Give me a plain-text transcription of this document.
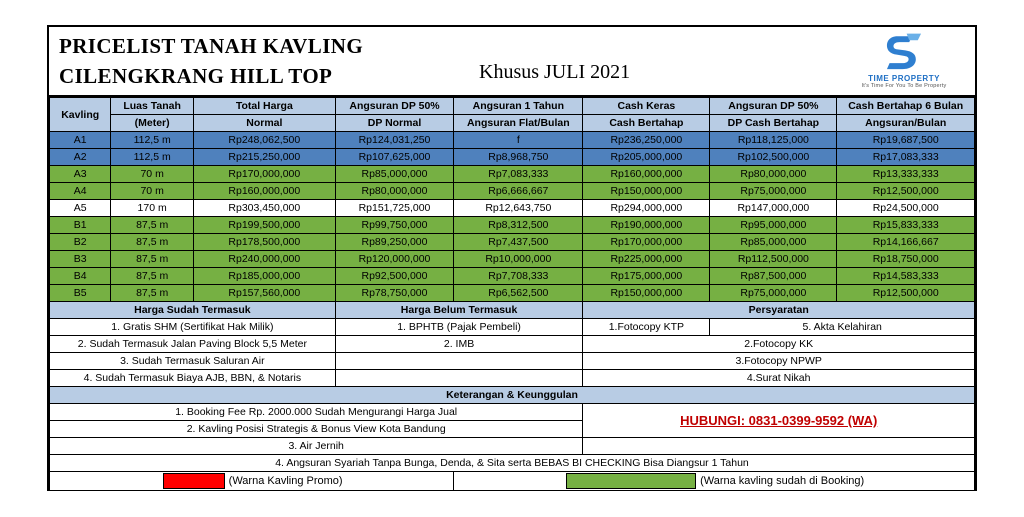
PRICELIST TANAH KAVLING
CILENGKRANG HILL TOP	Khusus JULI 2021	TIME PROPERTY
It's Time For You To Be Property
Kavling	Luas Tanah	Total Harga	Angsuran DP 50%	Angsuran 1 Tahun	Cash Keras	Angsuran DP 50%	Cash Bertahap 6 Bulan
	(Meter)	Normal	DP Normal	Angsuran Flat/Bulan	Cash Bertahap	DP Cash Bertahap	Angsuran/Bulan
A1	112,5 m	Rp248,062,500	Rp124,031,250	f	Rp236,250,000	Rp118,125,000	Rp19,687,500
A2	112,5 m	Rp215,250,000	Rp107,625,000	Rp8,968,750	Rp205,000,000	Rp102,500,000	Rp17,083,333
A3	70 m	Rp170,000,000	Rp85,000,000	Rp7,083,333	Rp160,000,000	Rp80,000,000	Rp13,333,333
A4	70 m	Rp160,000,000	Rp80,000,000	Rp6,666,667	Rp150,000,000	Rp75,000,000	Rp12,500,000
A5	170 m	Rp303,450,000	Rp151,725,000	Rp12,643,750	Rp294,000,000	Rp147,000,000	Rp24,500,000
B1	87,5 m	Rp199,500,000	Rp99,750,000	Rp8,312,500	Rp190,000,000	Rp95,000,000	Rp15,833,333
B2	87,5 m	Rp178,500,000	Rp89,250,000	Rp7,437,500	Rp170,000,000	Rp85,000,000	Rp14,166,667
B3	87,5 m	Rp240,000,000	Rp120,000,000	Rp10,000,000	Rp225,000,000	Rp112,500,000	Rp18,750,000
B4	87,5 m	Rp185,000,000	Rp92,500,000	Rp7,708,333	Rp175,000,000	Rp87,500,000	Rp14,583,333
B5	87,5 m	Rp157,560,000	Rp78,750,000	Rp6,562,500	Rp150,000,000	Rp75,000,000	Rp12,500,000
Harga Sudah Termasuk			Harga Belum Termasuk		Persyaratan		
1. Gratis SHM (Sertifikat Hak Milik)			1. BPHTB (Pajak Pembeli)		1.Fotocopy KTP	5. Akta Kelahiran	
2. Sudah Termasuk Jalan Paving Block 5,5 Meter			2. IMB		2.Fotocopy KK		
3. Sudah Termasuk Saluran Air					3.Fotocopy NPWP		
4. Sudah Termasuk Biaya AJB, BBN, & Notaris					4.Surat Nikah		
Keterangan & Keunggulan							
1. Booking Fee Rp. 2000.000 Sudah Mengurangi Harga Jual					HUBUNGI: 0831-0399-9592 (WA)		

2. Kavling Posisi Strategis & Bonus View Kota Bandung							
3. Air Jernih							
4. Angsuran Syariah Tanpa Bunga, Denda, & Sita serta BEBAS BI CHECKING Bisa Diangsur 1 Tahun							
(Warna Kavling Promo)				(Warna kavling sudah di Booking)			
